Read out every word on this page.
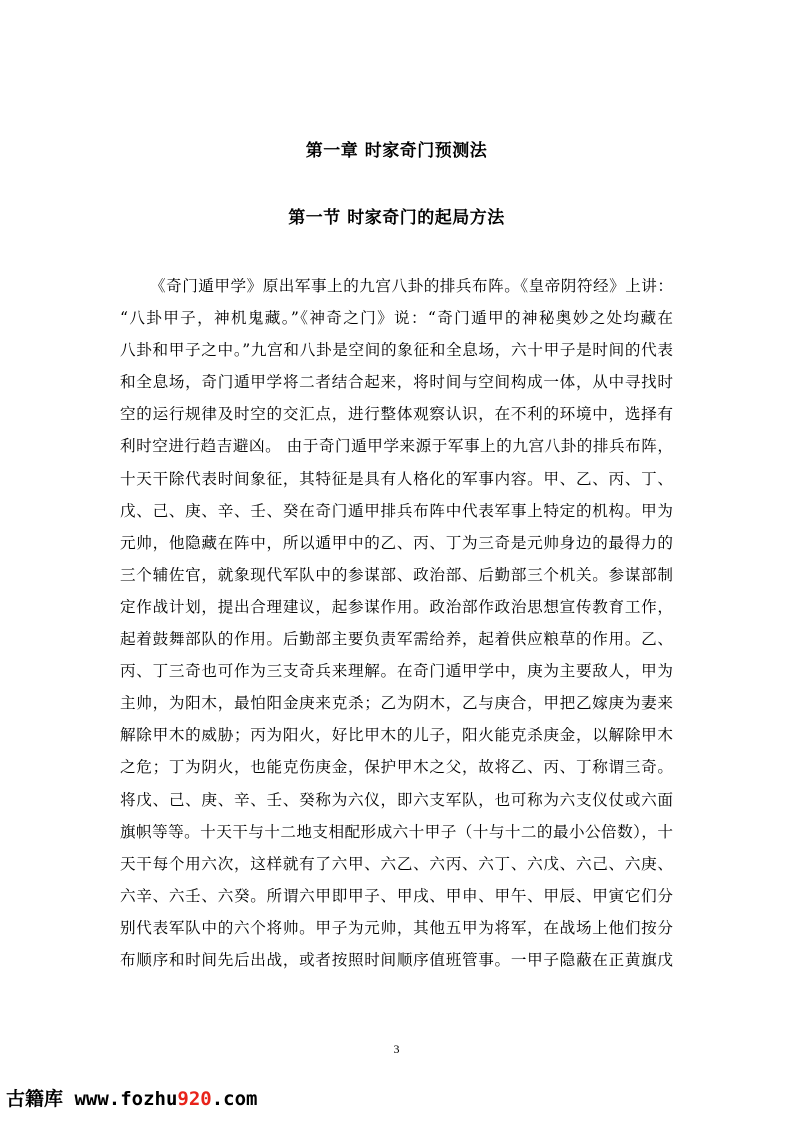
第一章 时家奇门预测法
第一节 时家奇门的起局方法
《奇门遁甲学》原出军事上的九宫八卦的排兵布阵。《皇帝阴符经》上讲：
“八卦甲子，神机鬼藏。”《神奇之门》说：“奇门遁甲的神秘奥妙之处均藏在
八卦和甲子之中。”九宫和八卦是空间的象征和全息场，六十甲子是时间的代表
和全息场，奇门遁甲学将二者结合起来，将时间与空间构成一体，从中寻找时
空的运行规律及时空的交汇点，进行整体观察认识，在不利的环境中，选择有
利时空进行趋吉避凶。 由于奇门遁甲学来源于军事上的九宫八卦的排兵布阵，
十天干除代表时间象征，其特征是具有人格化的军事内容。甲、乙、丙、丁、
戊、己、庚、辛、壬、癸在奇门遁甲排兵布阵中代表军事上特定的机构。甲为
元帅，他隐藏在阵中，所以遁甲中的乙、丙、丁为三奇是元帅身边的最得力的
三个辅佐官，就象现代军队中的参谋部、政治部、后勤部三个机关。参谋部制
定作战计划，提出合理建议，起参谋作用。政治部作政治思想宣传教育工作，
起着鼓舞部队的作用。后勤部主要负责军需给养，起着供应粮草的作用。乙、
丙、丁三奇也可作为三支奇兵来理解。在奇门遁甲学中，庚为主要敌人，甲为
主帅，为阳木，最怕阳金庚来克杀；乙为阴木，乙与庚合，甲把乙嫁庚为妻来
解除甲木的威胁；丙为阳火，好比甲木的儿子，阳火能克杀庚金，以解除甲木
之危；丁为阴火，也能克伤庚金，保护甲木之父，故将乙、丙、丁称谓三奇。
将戊、己、庚、辛、壬、癸称为六仪，即六支军队，也可称为六支仪仗或六面
旗帜等等。十天干与十二地支相配形成六十甲子（十与十二的最小公倍数），十
天干每个用六次，这样就有了六甲、六乙、六丙、六丁、六戊、六己、六庚、
六辛、六壬、六癸。所谓六甲即甲子、甲戌、甲申、甲午、甲辰、甲寅它们分
别代表军队中的六个将帅。甲子为元帅，其他五甲为将军，在战场上他们按分
布顺序和时间先后出战，或者按照时间顺序值班管事。一甲子隐蔽在正黄旗戊
3
古籍库 www.fozhu920.com
